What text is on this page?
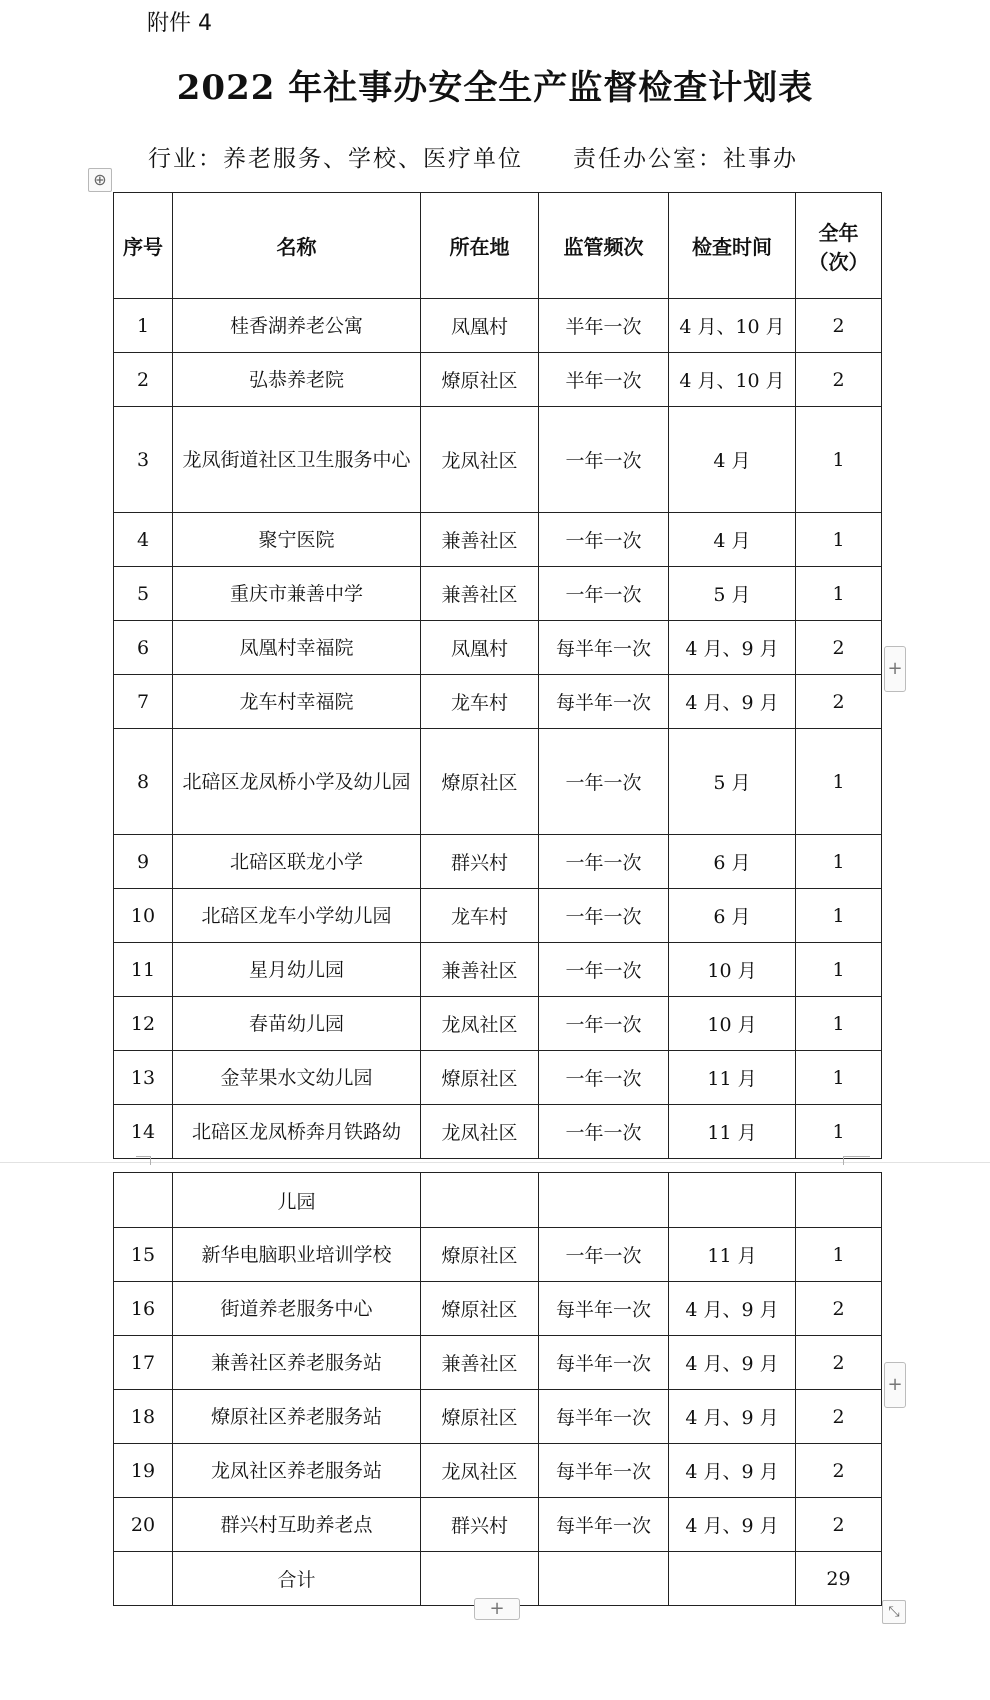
附件 4
2022 年社事办安全生产监督检查计划表
行业：养老服务、学校、医疗单位 责任办公室：社事办
⊕
序号	名称	所在地	监管频次	检查时间	全年（次）
1	桂香湖养老公寓	凤凰村	半年一次	4 月、10 月	2
2	弘恭养老院	燎原社区	半年一次	4 月、10 月	2
3	龙凤街道社区卫生服务中心	龙凤社区	一年一次	4 月	1
4	聚宁医院	兼善社区	一年一次	4 月	1
5	重庆市兼善中学	兼善社区	一年一次	5 月	1
6	凤凰村幸福院	凤凰村	每半年一次	4 月、9 月	2
7	龙车村幸福院	龙车村	每半年一次	4 月、9 月	2
8	北碚区龙凤桥小学及幼儿园	燎原社区	一年一次	5 月	1
9	北碚区联龙小学	群兴村	一年一次	6 月	1
10	北碚区龙车小学幼儿园	龙车村	一年一次	6 月	1
11	星月幼儿园	兼善社区	一年一次	10 月	1
12	春苗幼儿园	龙凤社区	一年一次	10 月	1
13	金苹果水文幼儿园	燎原社区	一年一次	11 月	1
14	北碚区龙凤桥奔月铁路幼	龙凤社区	一年一次	11 月	1
	儿园				
15	新华电脑职业培训学校	燎原社区	一年一次	11 月	1
16	街道养老服务中心	燎原社区	每半年一次	4 月、9 月	2
17	兼善社区养老服务站	兼善社区	每半年一次	4 月、9 月	2
18	燎原社区养老服务站	燎原社区	每半年一次	4 月、9 月	2
19	龙凤社区养老服务站	龙凤社区	每半年一次	4 月、9 月	2
20	群兴村互助养老点	群兴村	每半年一次	4 月、9 月	2
	合计				29
+
+
+	⤡
